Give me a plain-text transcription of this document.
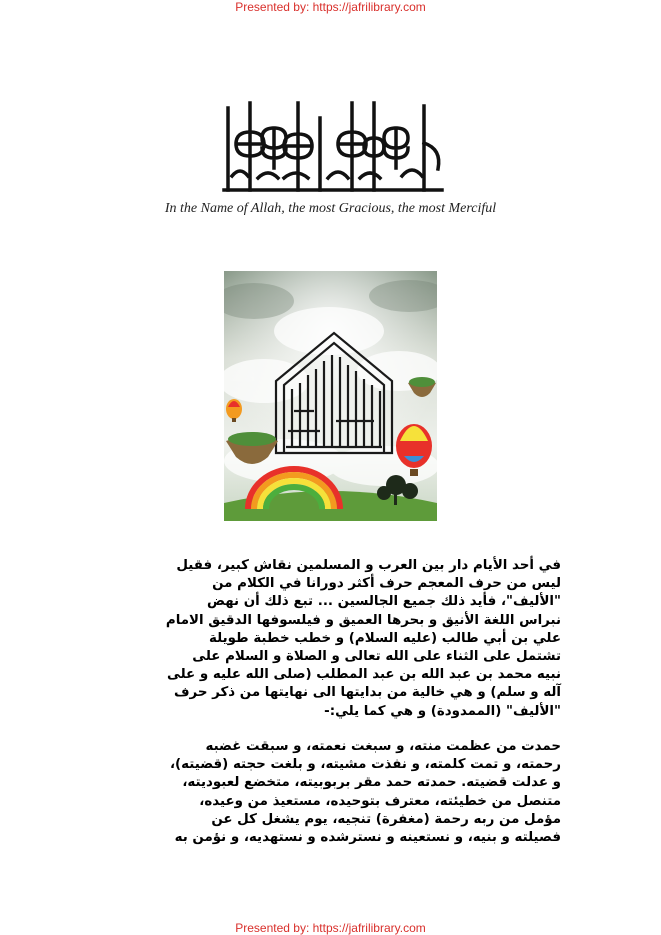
Presented by: https://jafrilibrary.com
In the Name of Allah, the most Gracious, the most Merciful
في أحد الأيام دار بين العرب و المسلمين نقاش كبير، فقيل
ليس من حرف المعجم حرف أكثر دورانا في الكلام من
"الأليف"، فأيد ذلك جميع الجالسين ... تبع ذلك أن نهض
نبراس اللغة الأنيق و بحرها العميق و فيلسوفها الدقيق الامام
علي بن أبي طالب (عليه السلام) و خطب خطبة طويلة
تشتمل على الثناء على الله تعالى و الصلاة و السلام على
نبيه محمد بن عبد الله بن عبد المطلب (صلى الله عليه و على
آله و سلم) و هي خالية من بدايتها الى نهايتها من ذكر حرف
"الأليف" (الممدودة) و هي كما يلي:-
حمدت من عظمت منته، و سبغت نعمته، و سبقت غضبه
رحمته، و تمت كلمته، و نفذت مشيته، و بلغت حجته (قضيته)،
و عدلت قضيته. حمدته حمد مقر بربوبيته، متخضع لعبوديته،
متنصل من خطيئته، معترف بتوحيده، مستعيذ من وعيده،
مؤمل من ربه رحمة (مغفرة) تنجيه، يوم يشغل كل عن
فصيلته و بنيه، و نستعينه و نسترشده و نستهديه، و نؤمن به
Presented by: https://jafrilibrary.com
